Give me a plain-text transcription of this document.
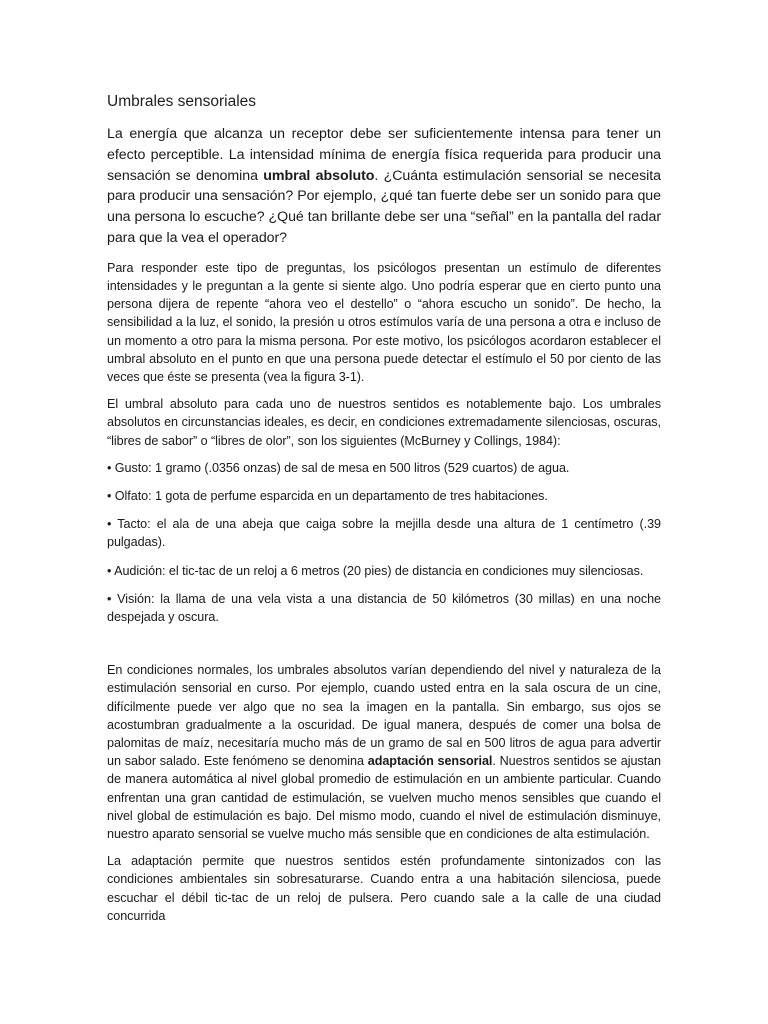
Umbrales sensoriales

La energía que alcanza un receptor debe ser suficientemente intensa para tener un efecto perceptible. La intensidad mínima de energía física requerida para producir una sensación se denomina umbral absoluto. ¿Cuánta estimulación sensorial se necesita para producir una sensación? Por ejemplo, ¿qué tan fuerte debe ser un sonido para que una persona lo escuche? ¿Qué tan brillante debe ser una “señal” en la pantalla del radar para que la vea el operador?

Para responder este tipo de preguntas, los psicólogos presentan un estímulo de diferentes intensidades y le preguntan a la gente si siente algo. Uno podría esperar que en cierto punto una persona dijera de repente “ahora veo el destello” o “ahora escucho un sonido”. De hecho, la sensibilidad a la luz, el sonido, la presión u otros estímulos varía de una persona a otra e incluso de un momento a otro para la misma persona. Por este motivo, los psicólogos acordaron establecer el umbral absoluto en el punto en que una persona puede detectar el estímulo el 50 por ciento de las veces que éste se presenta (vea la figura 3-1).

El umbral absoluto para cada uno de nuestros sentidos es notablemente bajo. Los umbrales absolutos en circunstancias ideales, es decir, en condiciones extremadamente silenciosas, oscuras, “libres de sabor” o “libres de olor”, son los siguientes (McBurney y Collings, 1984):

• Gusto: 1 gramo (.0356 onzas) de sal de mesa en 500 litros (529 cuartos) de agua.

• Olfato: 1 gota de perfume esparcida en un departamento de tres habitaciones.

• Tacto: el ala de una abeja que caiga sobre la mejilla desde una altura de 1 centímetro (.39 pulgadas).

• Audición: el tic-tac de un reloj a 6 metros (20 pies) de distancia en condiciones muy silenciosas.

• Visión: la llama de una vela vista a una distancia de 50 kilómetros (30 millas) en una noche despejada y oscura.

En condiciones normales, los umbrales absolutos varían dependiendo del nivel y naturaleza de la estimulación sensorial en curso. Por ejemplo, cuando usted entra en la sala oscura de un cine, difícilmente puede ver algo que no sea la imagen en la pantalla. Sin embargo, sus ojos se acostumbran gradualmente a la oscuridad. De igual manera, después de comer una bolsa de palomitas de maíz, necesitaría mucho más de un gramo de sal en 500 litros de agua para advertir un sabor salado. Este fenómeno se denomina adaptación sensorial. Nuestros sentidos se ajustan de manera automática al nivel global promedio de estimulación en un ambiente particular. Cuando enfrentan una gran cantidad de estimulación, se vuelven mucho menos sensibles que cuando el nivel global de estimulación es bajo. Del mismo modo, cuando el nivel de estimulación disminuye, nuestro aparato sensorial se vuelve mucho más sensible que en condiciones de alta estimulación.

La adaptación permite que nuestros sentidos estén profundamente sintonizados con las condiciones ambientales sin sobresaturarse. Cuando entra a una habitación silenciosa, puede escuchar el débil tic-tac de un reloj de pulsera. Pero cuando sale a la calle de una ciudad concurrida
